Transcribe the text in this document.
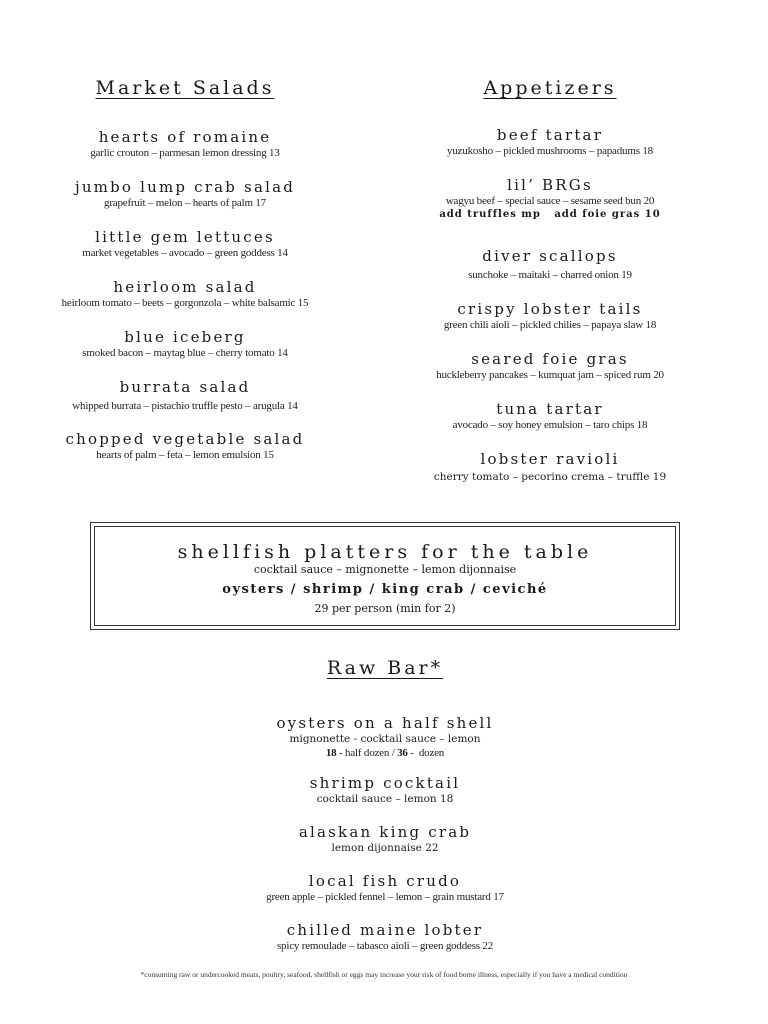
Market Salads
hearts of romaine
garlic crouton – parmesan lemon dressing 13
jumbo lump crab salad
grapefruit – melon – hearts of palm 17
little gem lettuces
market vegetables – avocado – green goddess 14
heirloom salad
heirloom tomato – beets – gorgonzola – white balsamic 15
blue iceberg
smoked bacon – maytag blue – cherry tomato 14
burrata salad
whipped burrata – pistachio truffle pesto – arugula 14
chopped vegetable salad
hearts of palm – feta – lemon emulsion 15
Appetizers
beef tartar
yuzukosho – pickled mushrooms – papadums 18
lil’ BRGs
wagyu beef – special sauce – sesame seed bun 20
add truffles mp   add foie gras 10
diver scallops
sunchoke – maitaki – charred onion 19
crispy lobster tails
green chili aioli – pickled chilies – papaya slaw 18
seared foie gras
huckleberry pancakes – kumquat jam – spiced rum 20
tuna tartar
avocado – soy honey emulsion – taro chips 18
lobster ravioli
cherry tomato – pecorino crema – truffle 19
shellfish platters for the table
cocktail sauce – mignonette – lemon dijonnaise
oysters / shrimp / king crab / ceviché
29 per person (min for 2)
Raw Bar*
oysters on a half shell
mignonette - cocktail sauce – lemon
18 - half dozen / 36 -  dozen
shrimp cocktail
cocktail sauce – lemon 18
alaskan king crab
lemon dijonnaise 22
local fish crudo
green apple – pickled fennel – lemon – grain mustard 17
chilled maine lobter
spicy remoulade – tabasco aioli – green goddess 22
*consuming raw or undercooked meats, poultry, seafood, shellfish or eggs may increase your risk of food borne illness, especially if you have a medical condition
